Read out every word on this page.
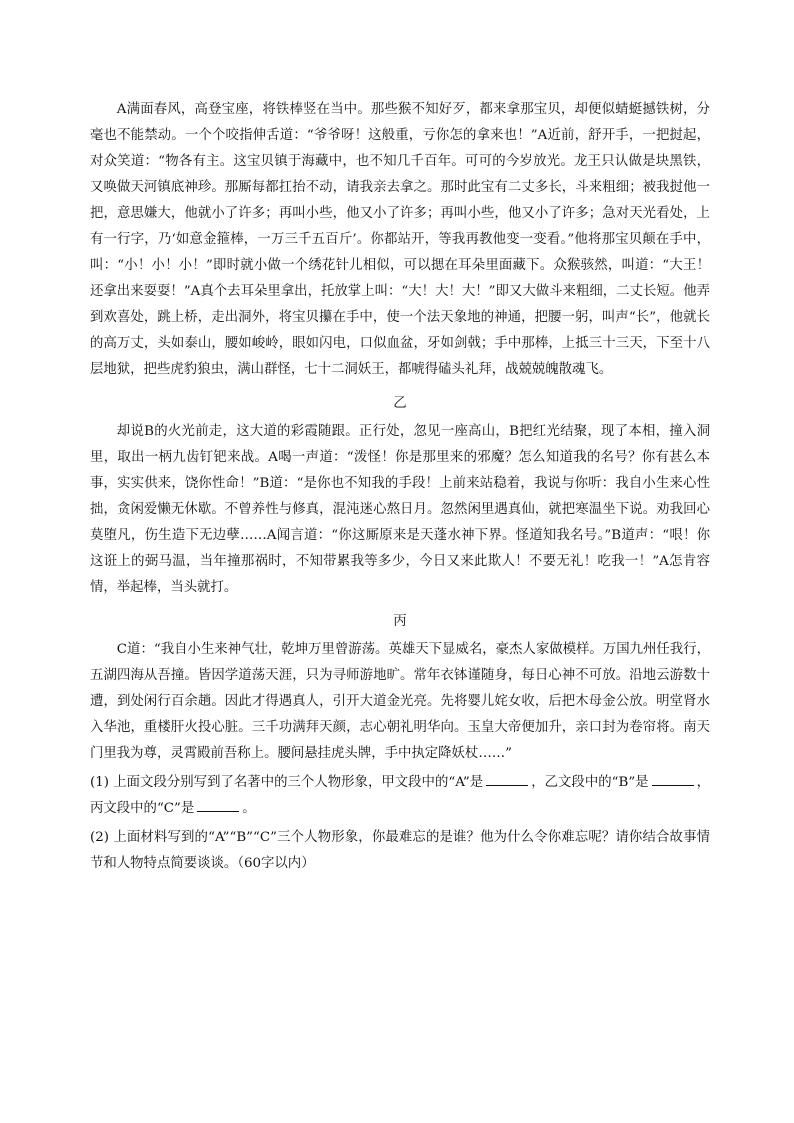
A满面春风，高登宝座，将铁棒竖在当中。那些猴不知好歹，都来拿那宝贝，却便似蜻蜓撼铁树，分毫也不能禁动。一个个咬指伸舌道：“爷爷呀！这般重，亏你怎的拿来也！”A近前，舒开手，一把挝起，对众笑道：“物各有主。这宝贝镇于海藏中，也不知几千百年。可可的今岁放光。龙王只认做是块黑铁，又唤做天河镇底神珍。那厮每都扛抬不动，请我亲去拿之。那时此宝有二丈多长，斗来粗细；被我挝他一把，意思嫌大，他就小了许多；再叫小些，他又小了许多；再叫小些，他又小了许多；急对天光看处，上有一行字，乃‘如意金箍棒，一万三千五百斤’。你都站开，等我再教他变一变看。”他将那宝贝颠在手中，叫：“小！小！小！”即时就小做一个绣花针儿相似，可以揌在耳朵里面藏下。众猴骇然，叫道：“大王！还拿出来耍耍！”A真个去耳朵里拿出，托放掌上叫：“大！大！大！”即又大做斗来粗细，二丈长短。他弄到欢喜处，跳上桥，走出洞外，将宝贝攥在手中，使一个法天象地的神通，把腰一躬，叫声“长”，他就长的高万丈，头如泰山，腰如峻岭，眼如闪电，口似血盆，牙如剑戟；手中那棒，上抵三十三天，下至十八层地狱，把些虎豹狼虫，满山群怪，七十二洞妖王，都唬得磕头礼拜，战兢兢魄散魂飞。

乙

却说B的火光前走，这大道的彩霞随跟。正行处，忽见一座高山，B把红光结聚，现了本相，撞入洞里，取出一柄九齿钉钯来战。A喝一声道：“泼怪！你是那里来的邪魔？怎么知道我的名号？你有甚么本事，实实供来，饶你性命！”B道：“是你也不知我的手段！上前来站稳着，我说与你听：我自小生来心性拙，贪闲爱懒无休歇。不曾养性与修真，混沌迷心熬日月。忽然闲里遇真仙，就把寒温坐下说。劝我回心莫堕凡，伤生造下无边孽……A闻言道：“你这厮原来是天蓬水神下界。怪道知我名号。”B道声：“哏！你这诳上的弼马温，当年撞那祸时，不知带累我等多少，今日又来此欺人！不要无礼！吃我一！”A怎肯容情，举起棒，当头就打。

丙

C道：“我自小生来神气壮，乾坤万里曾游荡。英雄天下显威名，豪杰人家做模样。万国九州任我行，五湖四海从吾撞。皆因学道荡天涯，只为寻师游地旷。常年衣钵谨随身，每日心神不可放。沿地云游数十遭，到处闲行百余趟。因此才得遇真人，引开大道金光亮。先将婴儿姹女收，后把木母金公放。明堂肾水入华池，重楼肝火投心脏。三千功满拜天颜，志心朝礼明华向。玉皇大帝便加升，亲口封为卷帘将。南天门里我为尊，灵霄殿前吾称上。腰间悬挂虎头牌，手中执定降妖杖……”

(1) 上面文段分别写到了名著中的三个人物形象，甲文段中的“A”是	，乙文段中的“B”是	，丙文段中的“C”是	。

(2) 上面材料写到的“A”“B”“C”三个人物形象，你最难忘的是谁？他为什么令你难忘呢？请你结合故事情节和人物特点简要谈谈。（60字以内）
